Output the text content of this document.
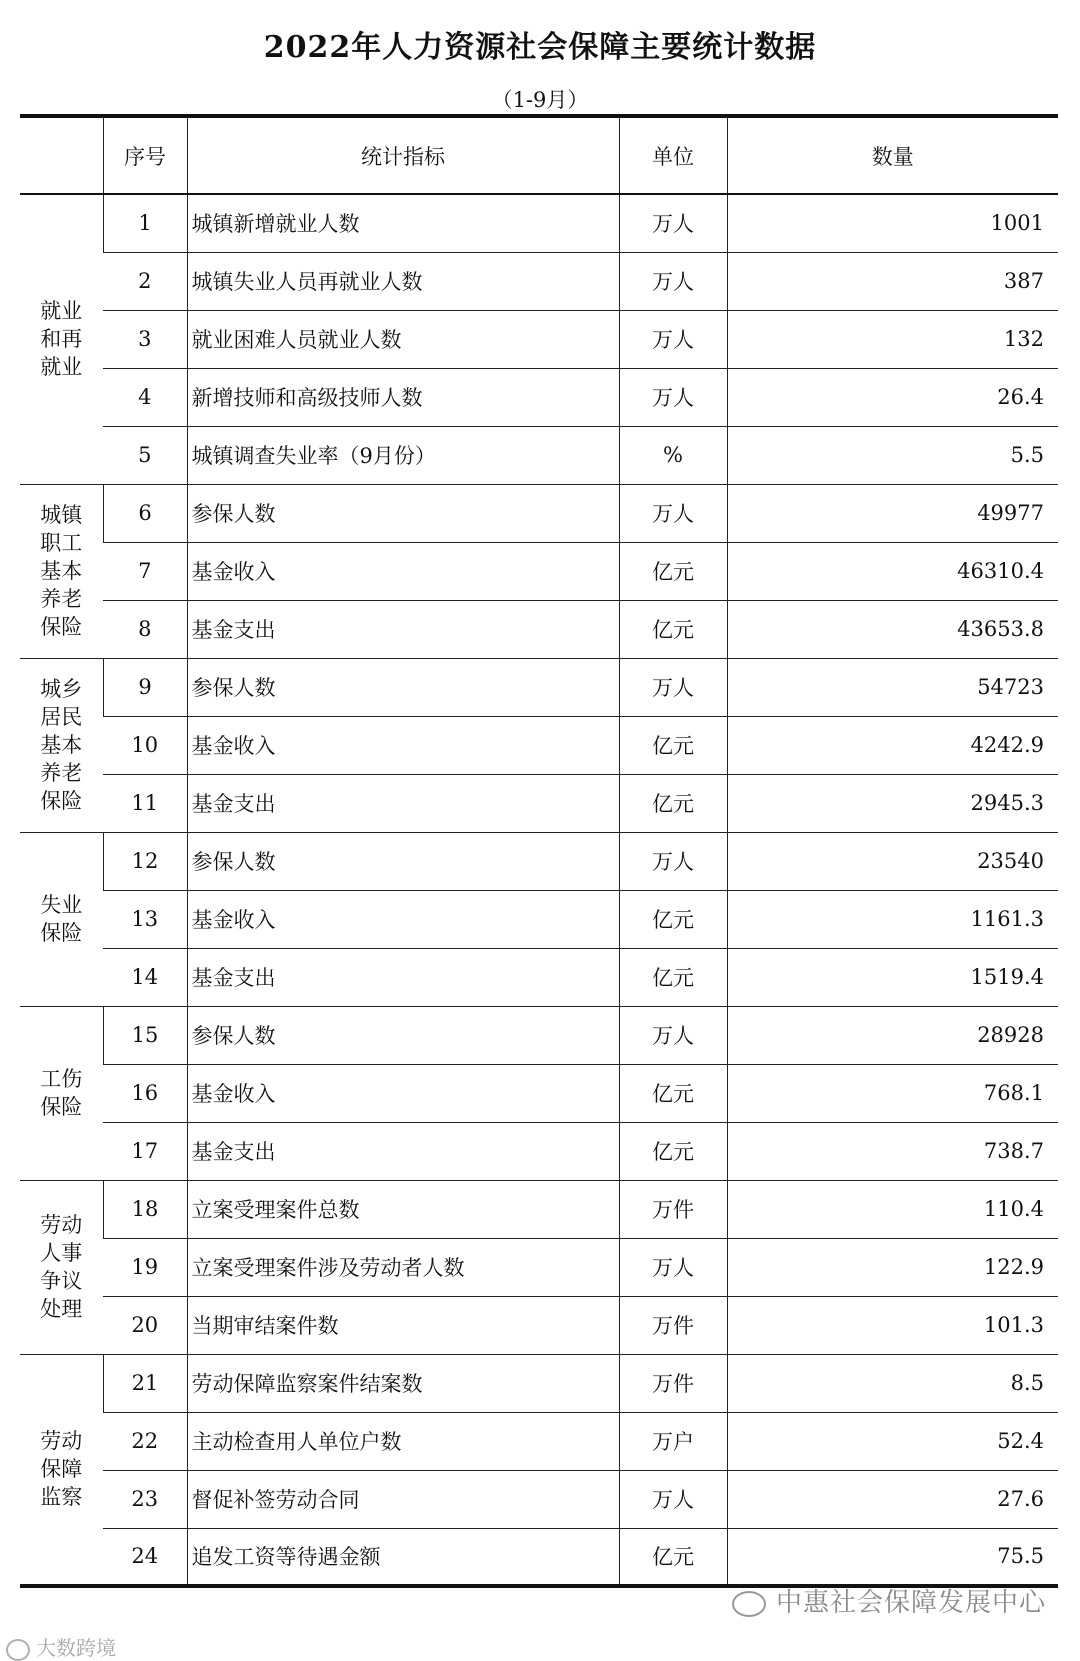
2022年人力资源社会保障主要统计数据
（1-9月）
	序号	统计指标	单位	数量
就业和再就业	1	城镇新增就业人数	万人	1001
	2	城镇失业人员再就业人数	万人	387
	3	就业困难人员就业人数	万人	132
	4	新增技师和高级技师人数	万人	26.4
	5	城镇调查失业率（9月份）	%	5.5
城镇职工基本养老保险	6	参保人数	万人	49977
	7	基金收入	亿元	46310.4
	8	基金支出	亿元	43653.8
城乡居民基本养老保险	9	参保人数	万人	54723
	10	基金收入	亿元	4242.9
	11	基金支出	亿元	2945.3
失业保险	12	参保人数	万人	23540
	13	基金收入	亿元	1161.3
	14	基金支出	亿元	1519.4
工伤保险	15	参保人数	万人	28928
	16	基金收入	亿元	768.1
	17	基金支出	亿元	738.7
劳动人事争议处理	18	立案受理案件总数	万件	110.4
	19	立案受理案件涉及劳动者人数	万人	122.9
	20	当期审结案件数	万件	101.3
劳动保障监察	21	劳动保障监察案件结案数	万件	8.5
	22	主动检查用人单位户数	万户	52.4
	23	督促补签劳动合同	万人	27.6
	24	追发工资等待遇金额	亿元	75.5
中惠社会保障发展中心
大数跨境
